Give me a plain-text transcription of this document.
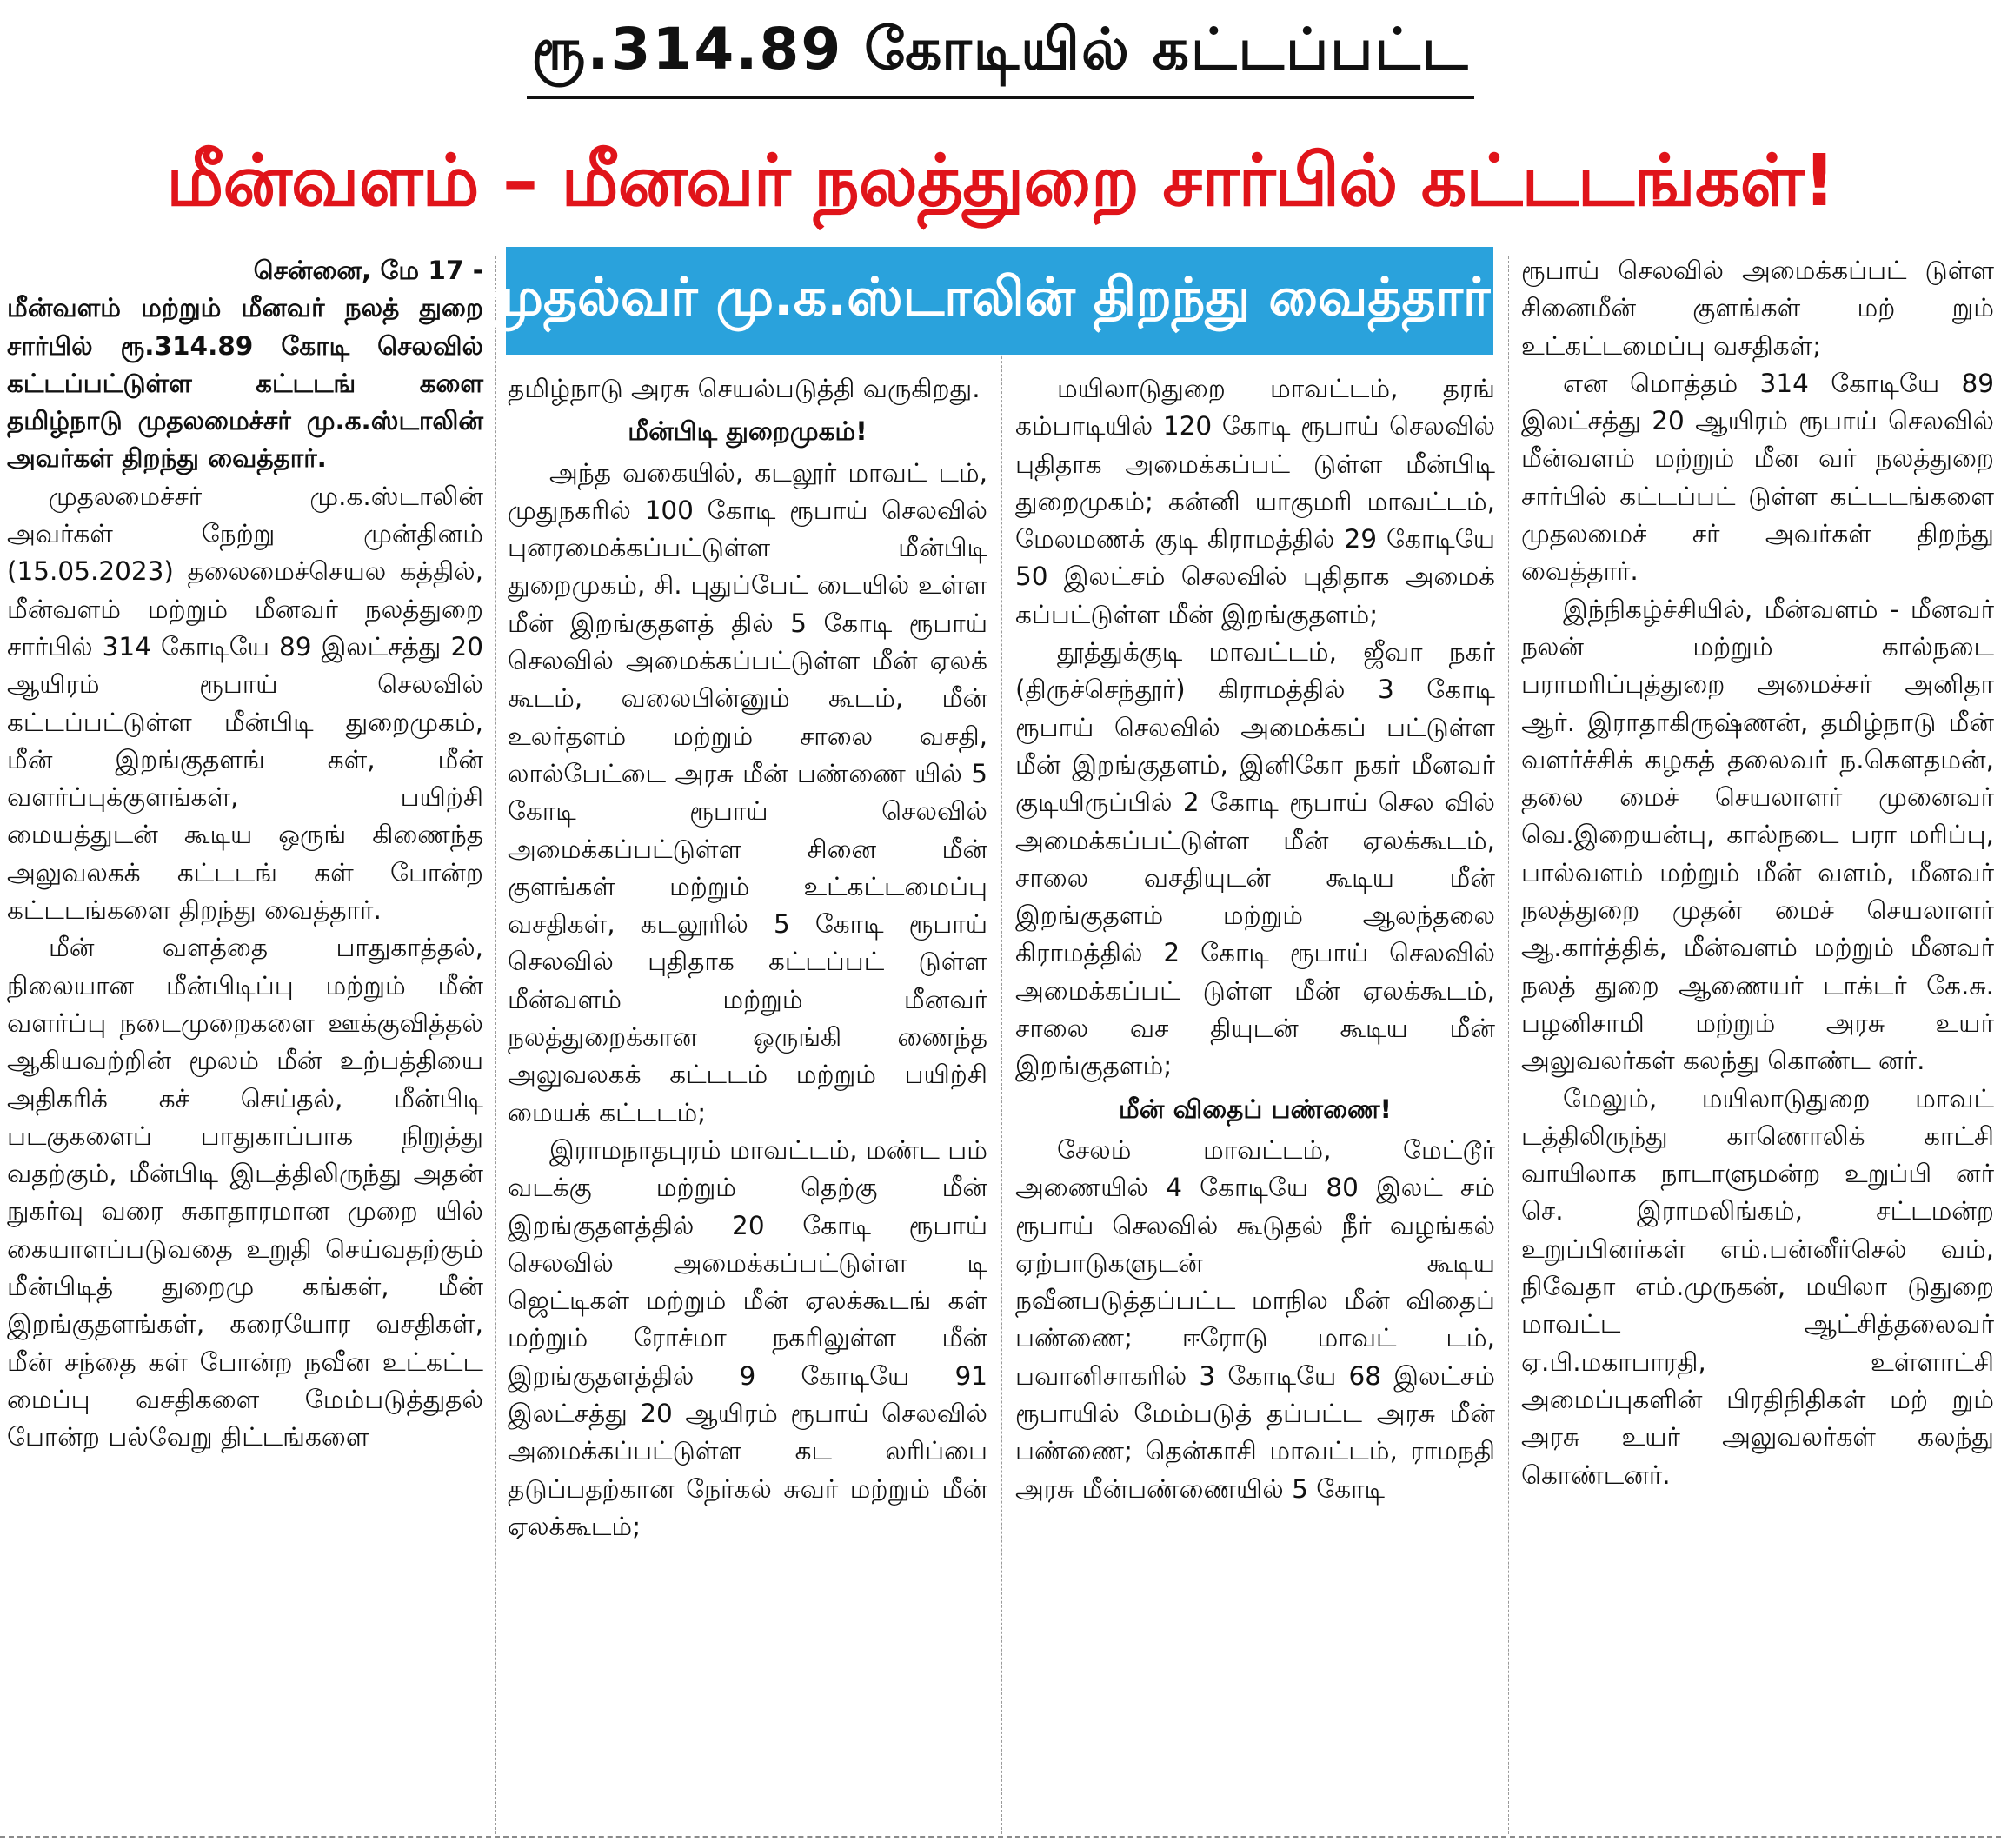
ரூ.314.89 கோடியில் கட்டப்பட்ட
மீன்வளம் – மீனவர் நலத்துறை சார்பில் கட்டடங்கள்!
முதல்வர் மு.க.ஸ்டாலின் திறந்து வைத்தார்!
சென்னை, மே 17 -

மீன்வளம் மற்றும் மீனவர் நலத் துறை சார்பில் ரூ.314.89 கோடி செலவில் கட்டப்பட்டுள்ள கட்டடங் களை தமிழ்நாடு முதலமைச்சர் மு.க.ஸ்டாலின் அவர்கள் திறந்து வைத்தார்.

முதலமைச்சர் மு.க.ஸ்டாலின் அவர்கள் நேற்று முன்தினம் (15.05.2023) தலைமைச்செயல கத்தில், மீன்வளம் மற்றும் மீனவர் நலத்துறை சார்பில் 314 கோடியே 89 இலட்சத்து 20 ஆயிரம் ரூபாய் செலவில் கட்டப்பட்டுள்ள மீன்பிடி துறைமுகம், மீன் இறங்குதளங் கள், மீன் வளர்ப்புக்குளங்கள், பயிற்சி மையத்துடன் கூடிய ஒருங் கிணைந்த அலுவலகக் கட்டடங் கள் போன்ற கட்டடங்களை திறந்து வைத்தார்.

மீன் வளத்தை பாதுகாத்தல், நிலையான மீன்பிடிப்பு மற்றும் மீன் வளர்ப்பு நடைமுறைகளை ஊக்குவித்தல் ஆகியவற்றின் மூலம் மீன் உற்பத்தியை அதிகரிக் கச் செய்தல், மீன்பிடி படகுகளைப் பாதுகாப்பாக நிறுத்து வதற்கும், மீன்பிடி இடத்திலிருந்து அதன் நுகர்வு வரை சுகாதாரமான முறை யில் கையாளப்படுவதை உறுதி செய்வதற்கும் மீன்பிடித் துறைமு கங்கள், மீன் இறங்குதளங்கள், கரையோர வசதிகள், மீன் சந்தை கள் போன்ற நவீன உட்கட்ட மைப்பு வசதிகளை மேம்படுத்துதல் போன்ற பல்வேறு திட்டங்களை

தமிழ்நாடு அரசு செயல்படுத்தி வருகிறது.

மீன்பிடி துறைமுகம்!

அந்த வகையில், கடலூர் மாவட் டம், முதுநகரில் 100 கோடி ரூபாய் செலவில் புனரமைக்கப்பட்டுள்ள மீன்பிடி துறைமுகம், சி. புதுப்பேட் டையில் உள்ள மீன் இறங்குதளத் தில் 5 கோடி ரூபாய் செலவில் அமைக்கப்பட்டுள்ள மீன் ஏலக் கூடம், வலைபின்னும் கூடம், மீன் உலர்தளம் மற்றும் சாலை வசதி, லால்பேட்டை அரசு மீன் பண்ணை யில் 5 கோடி ரூபாய் செலவில் அமைக்கப்பட்டுள்ள சினை மீன் குளங்கள் மற்றும் உட்கட்டமைப்பு வசதிகள், கடலூரில் 5 கோடி ரூபாய் செலவில் புதிதாக கட்டப்பட் டுள்ள மீன்வளம் மற்றும் மீனவர் நலத்துறைக்கான ஒருங்கி ணைந்த அலுவலகக் கட்டடம் மற்றும் பயிற்சி மையக் கட்டடம்;

இராமநாதபுரம் மாவட்டம், மண்ட பம் வடக்கு மற்றும் தெற்கு மீன் இறங்குதளத்தில் 20 கோடி ரூபாய் செலவில் அமைக்கப்பட்டுள்ள டி ஜெட்டிகள் மற்றும் மீன் ஏலக்கூடங் கள் மற்றும் ரோச்மா நகரிலுள்ள மீன் இறங்குதளத்தில் 9 கோடியே 91 இலட்சத்து 20 ஆயிரம் ரூபாய் செலவில் அமைக்கப்பட்டுள்ள கட லரிப்பை தடுப்பதற்கான நேர்கல் சுவர் மற்றும் மீன் ஏலக்கூடம்;

மயிலாடுதுறை மாவட்டம், தரங் கம்பாடியில் 120 கோடி ரூபாய் செலவில் புதிதாக அமைக்கப்பட் டுள்ள மீன்பிடி துறைமுகம்; கன்னி யாகுமரி மாவட்டம், மேலமணக் குடி கிராமத்தில் 29 கோடியே 50 இலட்சம் செலவில் புதிதாக அமைக் கப்பட்டுள்ள மீன் இறங்குதளம்;

தூத்துக்குடி மாவட்டம், ஜீவா நகர் (திருச்செந்தூர்) கிராமத்தில் 3 கோடி ரூபாய் செலவில் அமைக்கப் பட்டுள்ள மீன் இறங்குதளம், இனிகோ நகர் மீனவர் குடியிருப்பில் 2 கோடி ரூபாய் செல வில் அமைக்கப்பட்டுள்ள மீன் ஏலக்கூடம், சாலை வசதியுடன் கூடிய மீன் இறங்குதளம் மற்றும் ஆலந்தலை கிராமத்தில் 2 கோடி ரூபாய் செலவில் அமைக்கப்பட் டுள்ள மீன் ஏலக்கூடம், சாலை வச தியுடன் கூடிய மீன் இறங்குதளம்;

மீன் விதைப் பண்ணை!

சேலம் மாவட்டம், மேட்டூர் அணையில் 4 கோடியே 80 இலட் சம் ரூபாய் செலவில் கூடுதல் நீர் வழங்கல் ஏற்பாடுகளுடன் கூடிய நவீனபடுத்தப்பட்ட மாநில மீன் விதைப் பண்ணை; ஈரோடு மாவட் டம், பவானிசாகரில் 3 கோடியே 68 இலட்சம் ரூபாயில் மேம்படுத் தப்பட்ட அரசு மீன் பண்ணை; தென்காசி மாவட்டம், ராமநதி அரசு மீன்பண்ணையில் 5 கோடி

ரூபாய் செலவில் அமைக்கப்பட் டுள்ள சினைமீன் குளங்கள் மற் றும் உட்கட்டமைப்பு வசதிகள்;

என மொத்தம் 314 கோடியே 89 இலட்சத்து 20 ஆயிரம் ரூபாய் செலவில் மீன்வளம் மற்றும் மீன வர் நலத்துறை சார்பில் கட்டப்பட் டுள்ள கட்டடங்களை முதலமைச் சர் அவர்கள் திறந்து வைத்தார்.

இந்நிகழ்ச்சியில், மீன்வளம் - மீனவர் நலன் மற்றும் கால்நடை பராமரிப்புத்துறை அமைச்சர் அனிதா ஆர். இராதாகிருஷ்ணன், தமிழ்நாடு மீன் வளர்ச்சிக் கழகத் தலைவர் ந.கௌதமன், தலை மைச் செயலாளர் முனைவர் வெ.இறையன்பு, கால்நடை பரா மரிப்பு, பால்வளம் மற்றும் மீன் வளம், மீனவர் நலத்துறை முதன் மைச் செயலாளர் ஆ.கார்த்திக், மீன்வளம் மற்றும் மீனவர் நலத் துறை ஆணையர் டாக்டர் கே.சு. பழனிசாமி மற்றும் அரசு உயர் அலுவலர்கள் கலந்து கொண்ட னர்.

மேலும், மயிலாடுதுறை மாவட் டத்திலிருந்து காணொலிக் காட்சி வாயிலாக நாடாளுமன்ற உறுப்பி னர் செ. இராமலிங்கம், சட்டமன்ற உறுப்பினர்கள் எம்.பன்னீர்செல் வம், நிவேதா எம்.முருகன், மயிலா டுதுறை மாவட்ட ஆட்சித்தலைவர் ஏ.பி.மகாபாரதி, உள்ளாட்சி அமைப்புகளின் பிரதிநிதிகள் மற் றும் அரசு உயர் அலுவலர்கள் கலந்து கொண்டனர்.
